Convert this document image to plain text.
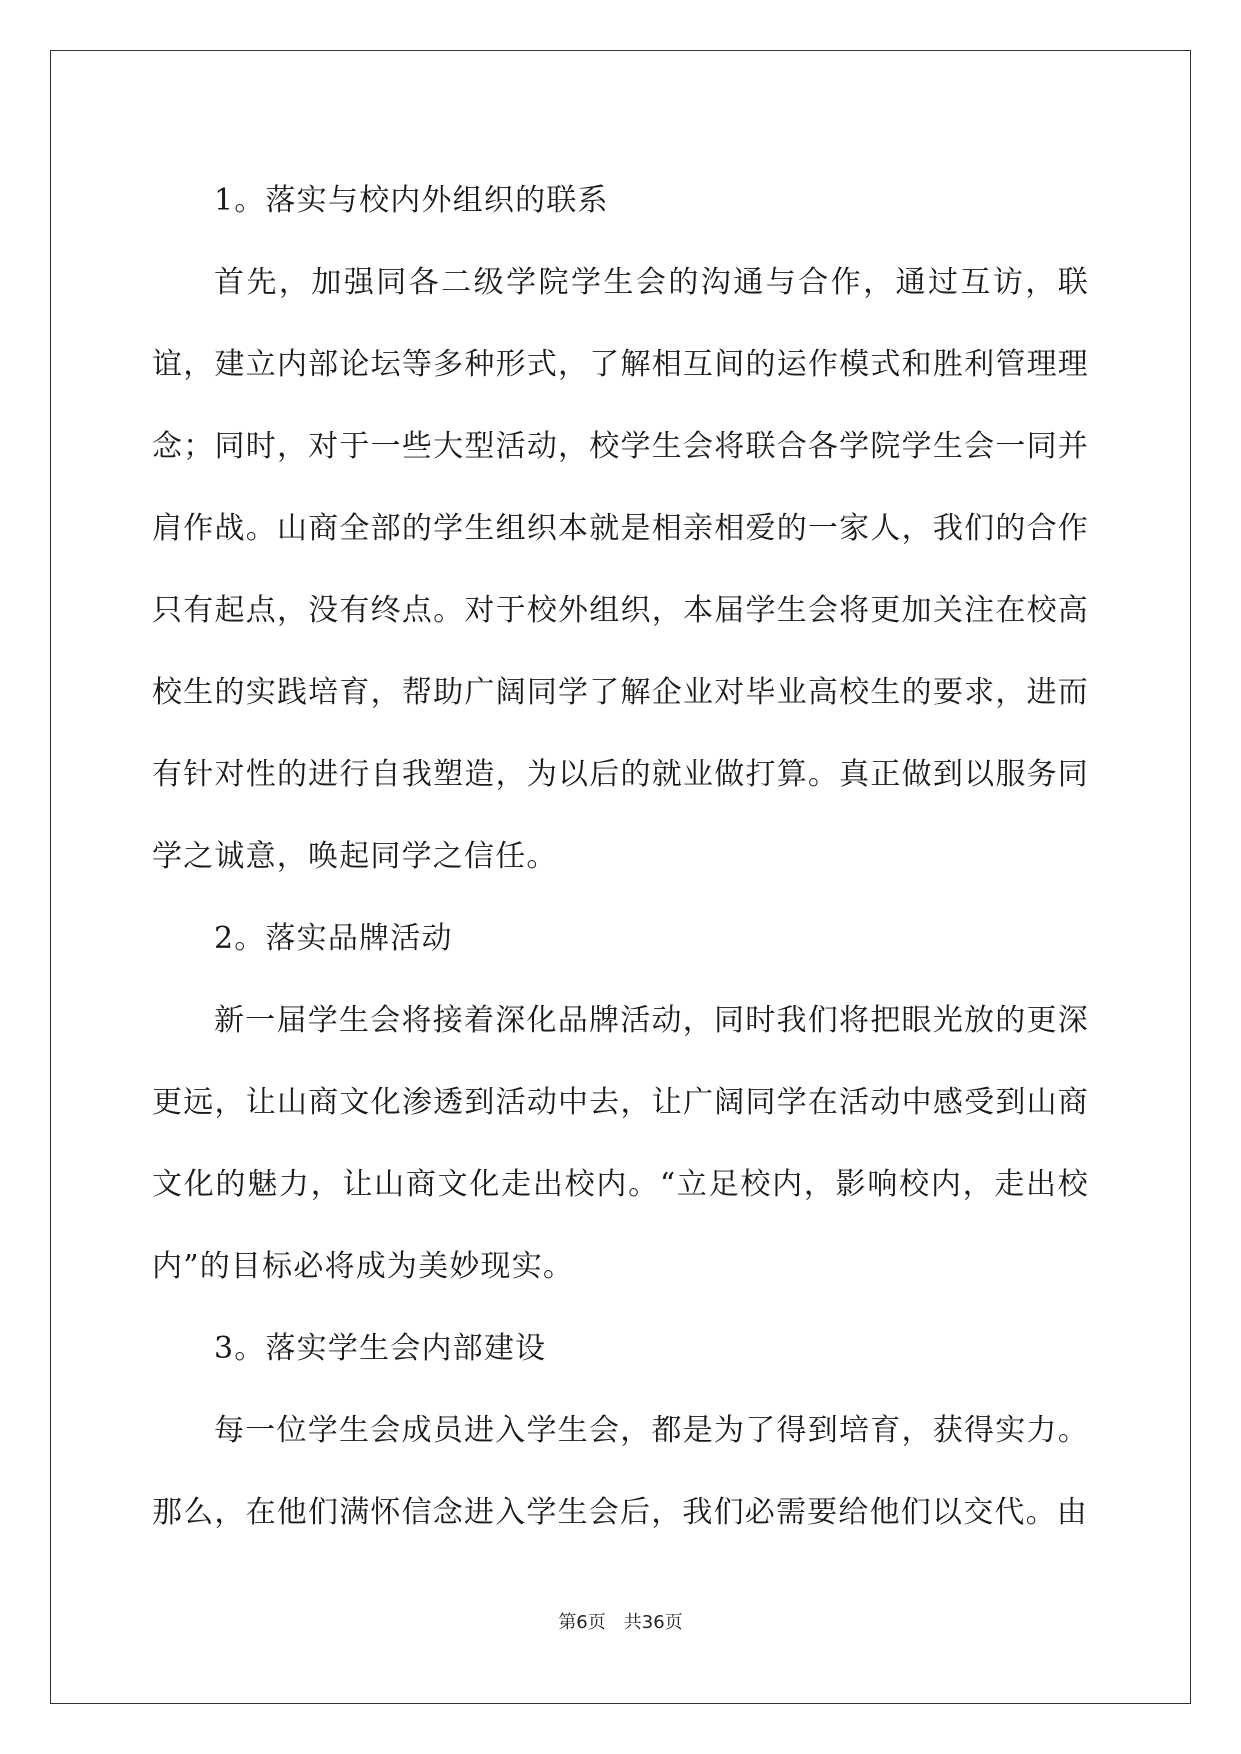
1。落实与校内外组织的联系

首先，加强同各二级学院学生会的沟通与合作，通过互访，联谊，建立内部论坛等多种形式，了解相互间的运作模式和胜利管理理念；同时，对于一些大型活动，校学生会将联合各学院学生会一同并肩作战。山商全部的学生组织本就是相亲相爱的一家人，我们的合作只有起点，没有终点。对于校外组织，本届学生会将更加关注在校高校生的实践培育，帮助广阔同学了解企业对毕业高校生的要求，进而有针对性的进行自我塑造，为以后的就业做打算。真正做到以服务同学之诚意，唤起同学之信任。

2。落实品牌活动

新一届学生会将接着深化品牌活动，同时我们将把眼光放的更深更远，让山商文化渗透到活动中去，让广阔同学在活动中感受到山商文化的魅力，让山商文化走出校内。“立足校内，影响校内，走出校内”的目标必将成为美妙现实。

3。落实学生会内部建设

每一位学生会成员进入学生会，都是为了得到培育，获得实力。那么，在他们满怀信念进入学生会后，我们必需要给他们以交代。由

第6页　共36页
